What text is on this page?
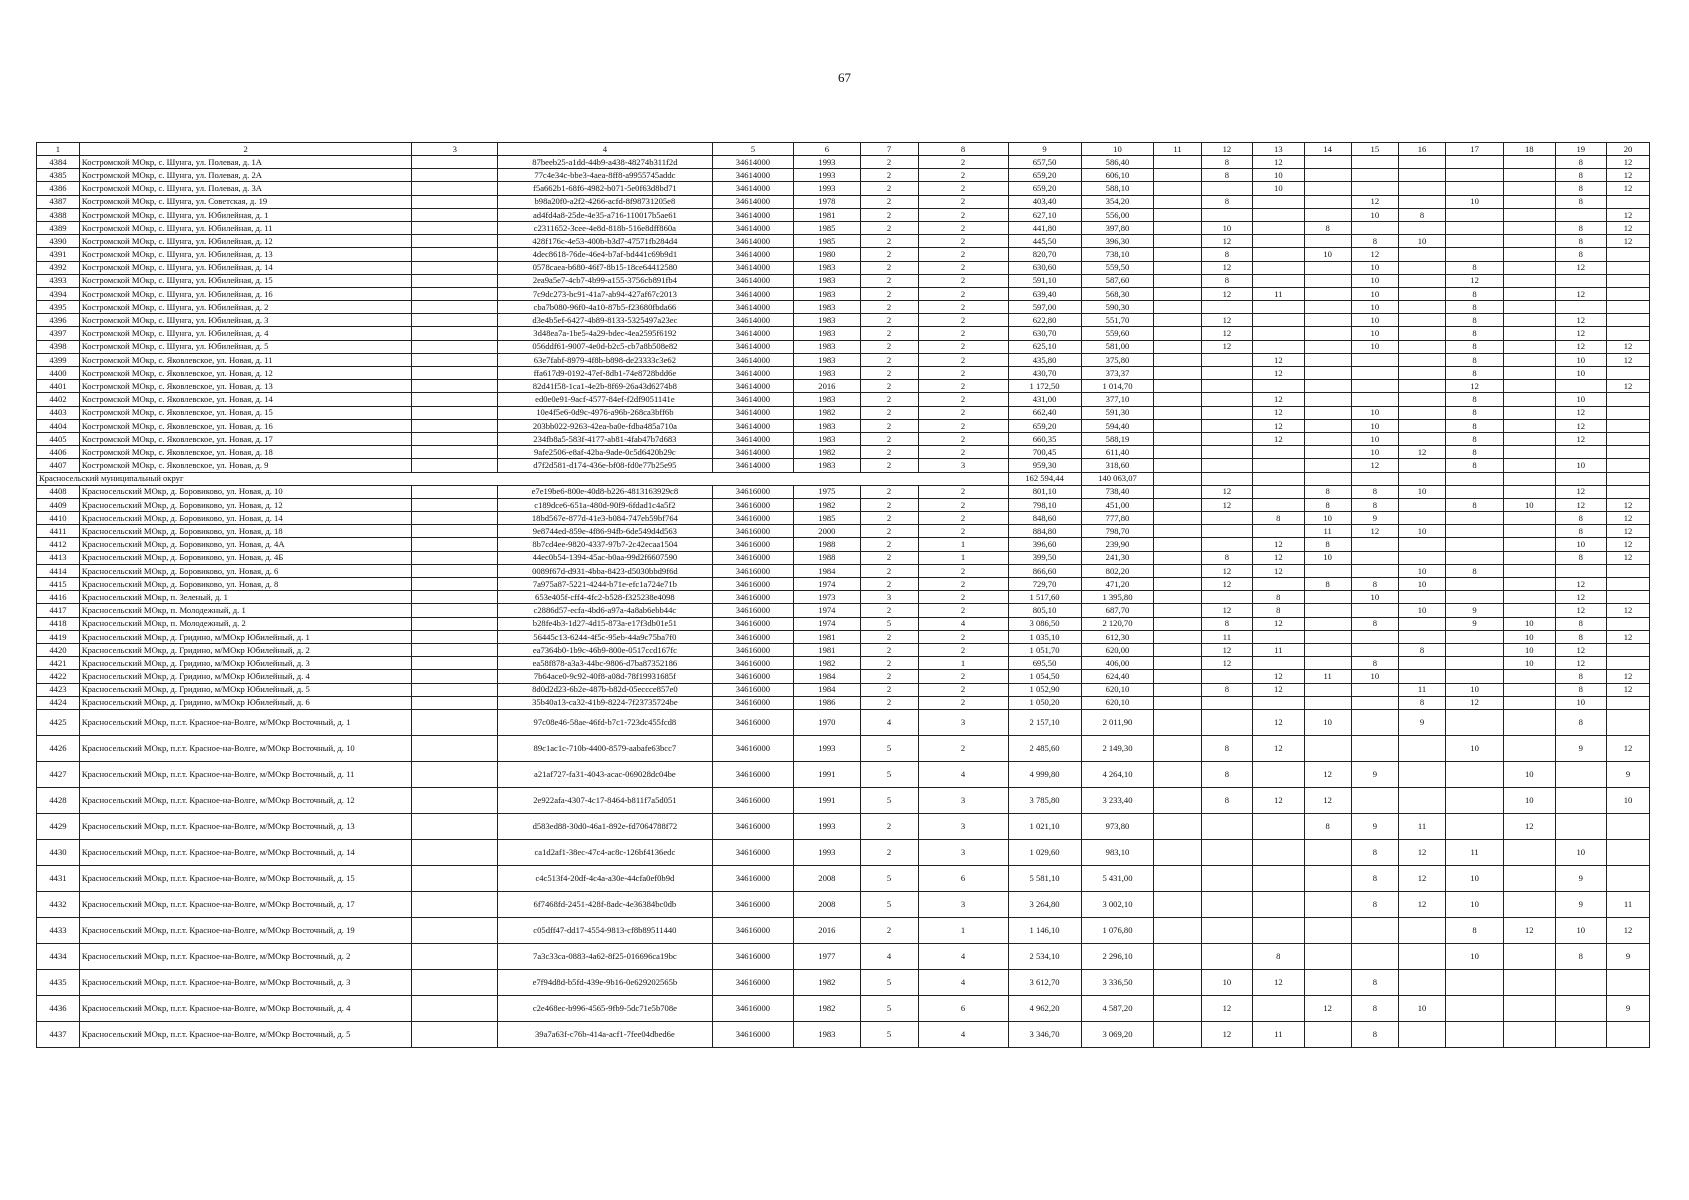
67
1	2	3	4	5	6	7	8	9	10	11	12	13	14	15	16	17	18	19	20
4384	Костромской МОкр, с. Шунга, ул. Полевая, д. 1А		87beeb25-a1dd-44b9-a438-48274b311f2d	34614000	1993	2	2	657,50	586,40		8	12						8	12
4385	Костромской МОкр, с. Шунга, ул. Полевая, д. 2А		77c4e34c-bbe3-4aea-8ff8-a9955745addc	34614000	1993	2	2	659,20	606,10		8	10						8	12
4386	Костромской МОкр, с. Шунга, ул. Полевая, д. 3А		f5a662b1-68f6-4982-b071-5e0f63d8bd71	34614000	1993	2	2	659,20	588,10			10						8	12
4387	Костромской МОкр, с. Шунга, ул. Советская, д. 19		b98a20f0-a2f2-4266-acfd-8f98731205e8	34614000	1978	2	2	403,40	354,20		8			12		10		8	
4388	Костромской МОкр, с. Шунга, ул. Юбилейная, д. 1		ad4fd4a8-25de-4e35-a716-110017b5ae61	34614000	1981	2	2	627,10	556,00					10	8				12
4389	Костромской МОкр, с. Шунга, ул. Юбилейная, д. 11		c2311652-3cee-4e8d-818b-516e8dff860a	34614000	1985	2	2	441,80	397,80		10		8					8	12
4390	Костромской МОкр, с. Шунга, ул. Юбилейная, д. 12		428f176c-4e53-400b-b3d7-47571fb284d4	34614000	1985	2	2	445,50	396,30		12			8	10			8	12
4391	Костромской МОкр, с. Шунга, ул. Юбилейная, д. 13		4dec8618-76de-46e4-b7af-bd441c69b9d1	34614000	1980	2	2	820,70	738,10		8		10	12				8	
4392	Костромской МОкр, с. Шунга, ул. Юбилейная, д. 14		0578caea-b680-46f7-8b15-18ce64412580	34614000	1983	2	2	630,60	559,50		12			10		8		12	
4393	Костромской МОкр, с. Шунга, ул. Юбилейная, д. 15		2ea9a5e7-4cb7-4b99-a155-3756cb891fb4	34614000	1983	2	2	591,10	587,60		8			10		12			
4394	Костромской МОкр, с. Шунга, ул. Юбилейная, д. 16		7c9dc273-bc91-41a7-ab94-427af67c2013	34614000	1983	2	2	639,40	568,30		12	11		10		8		12	
4395	Костромской МОкр, с. Шунга, ул. Юбилейная, д. 2		cba7b080-96f0-4a10-87b5-f23680fbda66	34614000	1983	2	2	597,00	590,30					10		8			
4396	Костромской МОкр, с. Шунга, ул. Юбилейная, д. 3		d3e4b5ef-6427-4b89-8133-5325497a23ec	34614000	1983	2	2	622,80	551,70		12			10		8		12	
4397	Костромской МОкр, с. Шунга, ул. Юбилейная, д. 4		3d48ea7a-1be5-4a29-bdec-4ea2595f6192	34614000	1983	2	2	630,70	559,60		12			10		8		12	
4398	Костромской МОкр, с. Шунга, ул. Юбилейная, д. 5		056ddf61-9007-4e0d-b2c5-cb7a8b508e82	34614000	1983	2	2	625,10	581,00		12			10		8		12	12
4399	Костромской МОкр, с. Яковлевское, ул. Новая, д. 11		63e7fabf-8979-4f8b-b898-de23333c3e62	34614000	1983	2	2	435,80	375,80			12				8		10	12
4400	Костромской МОкр, с. Яковлевское, ул. Новая, д. 12		ffa617d9-0192-47ef-8db1-74e8728bdd6e	34614000	1983	2	2	430,70	373,37			12				8		10	
4401	Костромской МОкр, с. Яковлевское, ул. Новая, д. 13		82d41f58-1ca1-4e2b-8f69-26a43d6274b8	34614000	2016	2	2	1 172,50	1 014,70							12			12
4402	Костромской МОкр, с. Яковлевское, ул. Новая, д. 14		ed0e0e91-9acf-4577-84ef-f2df9051141e	34614000	1983	2	2	431,00	377,10			12				8		10	
4403	Костромской МОкр, с. Яковлевское, ул. Новая, д. 15		10e4f5e6-0d9c-4976-a96b-268ca3bff6b	34614000	1982	2	2	662,40	591,30			12		10		8		12	
4404	Костромской МОкр, с. Яковлевское, ул. Новая, д. 16		203bb022-9263-42ea-ba0e-fdba485a710a	34614000	1983	2	2	659,20	594,40			12		10		8		12	
4405	Костромской МОкр, с. Яковлевское, ул. Новая, д. 17		234fb8a5-583f-4177-ab81-4fab47b7d683	34614000	1983	2	2	660,35	588,19			12		10		8		12	
4406	Костромской МОкр, с. Яковлевское, ул. Новая, д. 18		9afe2506-e8af-42ba-9ade-0c5d6420b29c	34614000	1982	2	2	700,45	611,40					10	12	8			
4407	Костромской МОкр, с. Яковлевское, ул. Новая, д. 9		d7f2d581-d174-436e-bf08-fd0e77b25e95	34614000	1983	2	3	959,30	318,60					12		8		10	
Красносельский муниципальный округ								162 594,44	140 063,07										
4408	Красносельский МОкр, д. Боровиково, ул. Новая, д. 10		e7e19be6-800e-40d8-b226-4813163929c8	34616000	1975	2	2	801,10	738,40		12		8	8	10			12	
4409	Красносельский МОкр, д. Боровиково, ул. Новая, д. 12		c189dce6-651a-480d-90f9-6fdad1c4a5f2	34616000	1982	2	2	798,10	451,00		12		8	8		8	10	12	12
4410	Красносельский МОкр, д. Боровиково, ул. Новая, д. 14		18bd567e-877d-41e3-b084-747eb59bf764	34616000	1985	2	2	848,60	777,80			8	10	9				8	12
4411	Красносельский МОкр, д. Боровиково, ул. Новая, д. 18		9e8744ed-859e-4f86-94fb-6de549d4d563	34616000	2000	2	2	884,80	798,70				11	12	10			8	12
4412	Красносельский МОкр, д. Боровиково, ул. Новая, д. 4А		8b7cd4ee-9820-4337-97b7-2c42ecaa1504	34616000	1988	2	1	396,60	239,90			12	8					10	12
4413	Красносельский МОкр, д. Боровиково, ул. Новая, д. 4Б		44ec0b54-1394-45ac-b0aa-99d2f6607590	34616000	1988	2	1	399,50	241,30		8	12	10					8	12
4414	Красносельский МОкр, д. Боровиково, ул. Новая, д. 6		0089f67d-d931-4bba-8423-d5030bbd9f6d	34616000	1984	2	2	866,60	802,20		12	12			10	8			
4415	Красносельский МОкр, д. Боровиково, ул. Новая, д. 8		7a975a87-5221-4244-b71e-efc1a724e71b	34616000	1974	2	2	729,70	471,20		12		8	8	10			12	
4416	Красносельский МОкр, п. Зеленый, д. 1		653e405f-cff4-4fc2-b528-f325238e4098	34616000	1973	3	2	1 517,60	1 395,80			8		10				12	
4417	Красносельский МОкр, п. Молодежный, д. 1		c2886d57-ecfa-4bd6-a97a-4a8ab6ebb44c	34616000	1974	2	2	805,10	687,70		12	8			10	9		12	12
4418	Красносельский МОкр, п. Молодежный, д. 2		b28fe4b3-1d27-4d15-873a-e17f3db01e51	34616000	1974	5	4	3 086,50	2 120,70		8	12		8		9	10	8	
4419	Красносельский МОкр, д. Гридино, м/МОкр Юбилейный, д. 1		56445c13-6244-4f5c-95eb-44a9c75ba7f0	34616000	1981	2	2	1 035,10	612,30		11						10	8	12
4420	Красносельский МОкр, д. Гридино, м/МОкр Юбилейный, д. 2		ea7364b0-1b9c-46b9-800e-0517ccd167fc	34616000	1981	2	2	1 051,70	620,00		12	11			8		10	12	
4421	Красносельский МОкр, д. Гридино, м/МОкр Юбилейный, д. 3		ea58f878-a3a3-44bc-9806-d7ba87352186	34616000	1982	2	1	695,50	406,00		12			8			10	12	
4422	Красносельский МОкр, д. Гридино, м/МОкр Юбилейный, д. 4		7b64ace0-9c92-40f8-a08d-78f19931685f	34616000	1984	2	2	1 054,50	624,40			12	11	10				8	12
4423	Красносельский МОкр, д. Гридино, м/МОкр Юбилейный, д. 5		8d0d2d23-6b2e-487b-b82d-05eccce857e0	34616000	1984	2	2	1 052,90	620,10		8	12			11	10		8	12
4424	Красносельский МОкр, д. Гридино, м/МОкр Юбилейный, д. 6		35b40a13-ca32-41b9-8224-7f23735724be	34616000	1986	2	2	1 050,20	620,10						8	12		10	
4425	Красносельский МОкр, п.г.т. Красное-на-Волге, м/МОкр Восточный, д. 1		97c08e46-58ae-46fd-b7c1-723dc455fcd8	34616000	1970	4	3	2 157,10	2 011,90			12	10		9			8	
4426	Красносельский МОкр, п.г.т. Красное-на-Волге, м/МОкр Восточный, д. 10		89c1ac1c-710b-4400-8579-aabafe63bcc7	34616000	1993	5	2	2 485,60	2 149,30		8	12				10		9	12
4427	Красносельский МОкр, п.г.т. Красное-на-Волге, м/МОкр Восточный, д. 11		a21af727-fa31-4043-acac-069028dc04be	34616000	1991	5	4	4 999,80	4 264,10		8		12	9			10		9
4428	Красносельский МОкр, п.г.т. Красное-на-Волге, м/МОкр Восточный, д. 12		2e922afa-4307-4c17-8464-b811f7a5d051	34616000	1991	5	3	3 785,80	3 233,40		8	12	12				10		10
4429	Красносельский МОкр, п.г.т. Красное-на-Волге, м/МОкр Восточный, д. 13		d583ed88-30d0-46a1-892e-fd7064788f72	34616000	1993	2	3	1 021,10	973,80				8	9	11		12		
4430	Красносельский МОкр, п.г.т. Красное-на-Волге, м/МОкр Восточный, д. 14		ca1d2af1-38ec-47c4-ac8c-126bf4136edc	34616000	1993	2	3	1 029,60	983,10					8	12	11		10	
4431	Красносельский МОкр, п.г.т. Красное-на-Волге, м/МОкр Восточный, д. 15		c4c513f4-20df-4c4a-a30e-44cfa0ef0b9d	34616000	2008	5	6	5 581,10	5 431,00					8	12	10		9	
4432	Красносельский МОкр, п.г.т. Красное-на-Волге, м/МОкр Восточный, д. 17		6f7468fd-2451-428f-8adc-4e36384bc0db	34616000	2008	5	3	3 264,80	3 002,10					8	12	10		9	11
4433	Красносельский МОкр, п.г.т. Красное-на-Волге, м/МОкр Восточный, д. 19		c05dff47-dd17-4554-9813-cf8b89511440	34616000	2016	2	1	1 146,10	1 076,80							8	12	10	12
4434	Красносельский МОкр, п.г.т. Красное-на-Волге, м/МОкр Восточный, д. 2		7a3c33ca-0883-4a62-8f25-016696ca19bc	34616000	1977	4	4	2 534,10	2 296,10			8				10		8	9
4435	Красносельский МОкр, п.г.т. Красное-на-Волге, м/МОкр Восточный, д. 3		e7f94d8d-b5fd-439e-9b16-0e629202565b	34616000	1982	5	4	3 612,70	3 336,50		10	12		8					
4436	Красносельский МОкр, п.г.т. Красное-на-Волге, м/МОкр Восточный, д. 4		c2e468ec-b996-4565-9fb9-5dc71e5b708e	34616000	1982	5	6	4 962,20	4 587,20		12		12	8	10				9
4437	Красносельский МОкр, п.г.т. Красное-на-Волге, м/МОкр Восточный, д. 5		39a7a63f-c76b-414a-acf1-7fee04dbed6e	34616000	1983	5	4	3 346,70	3 069,20		12	11		8					
